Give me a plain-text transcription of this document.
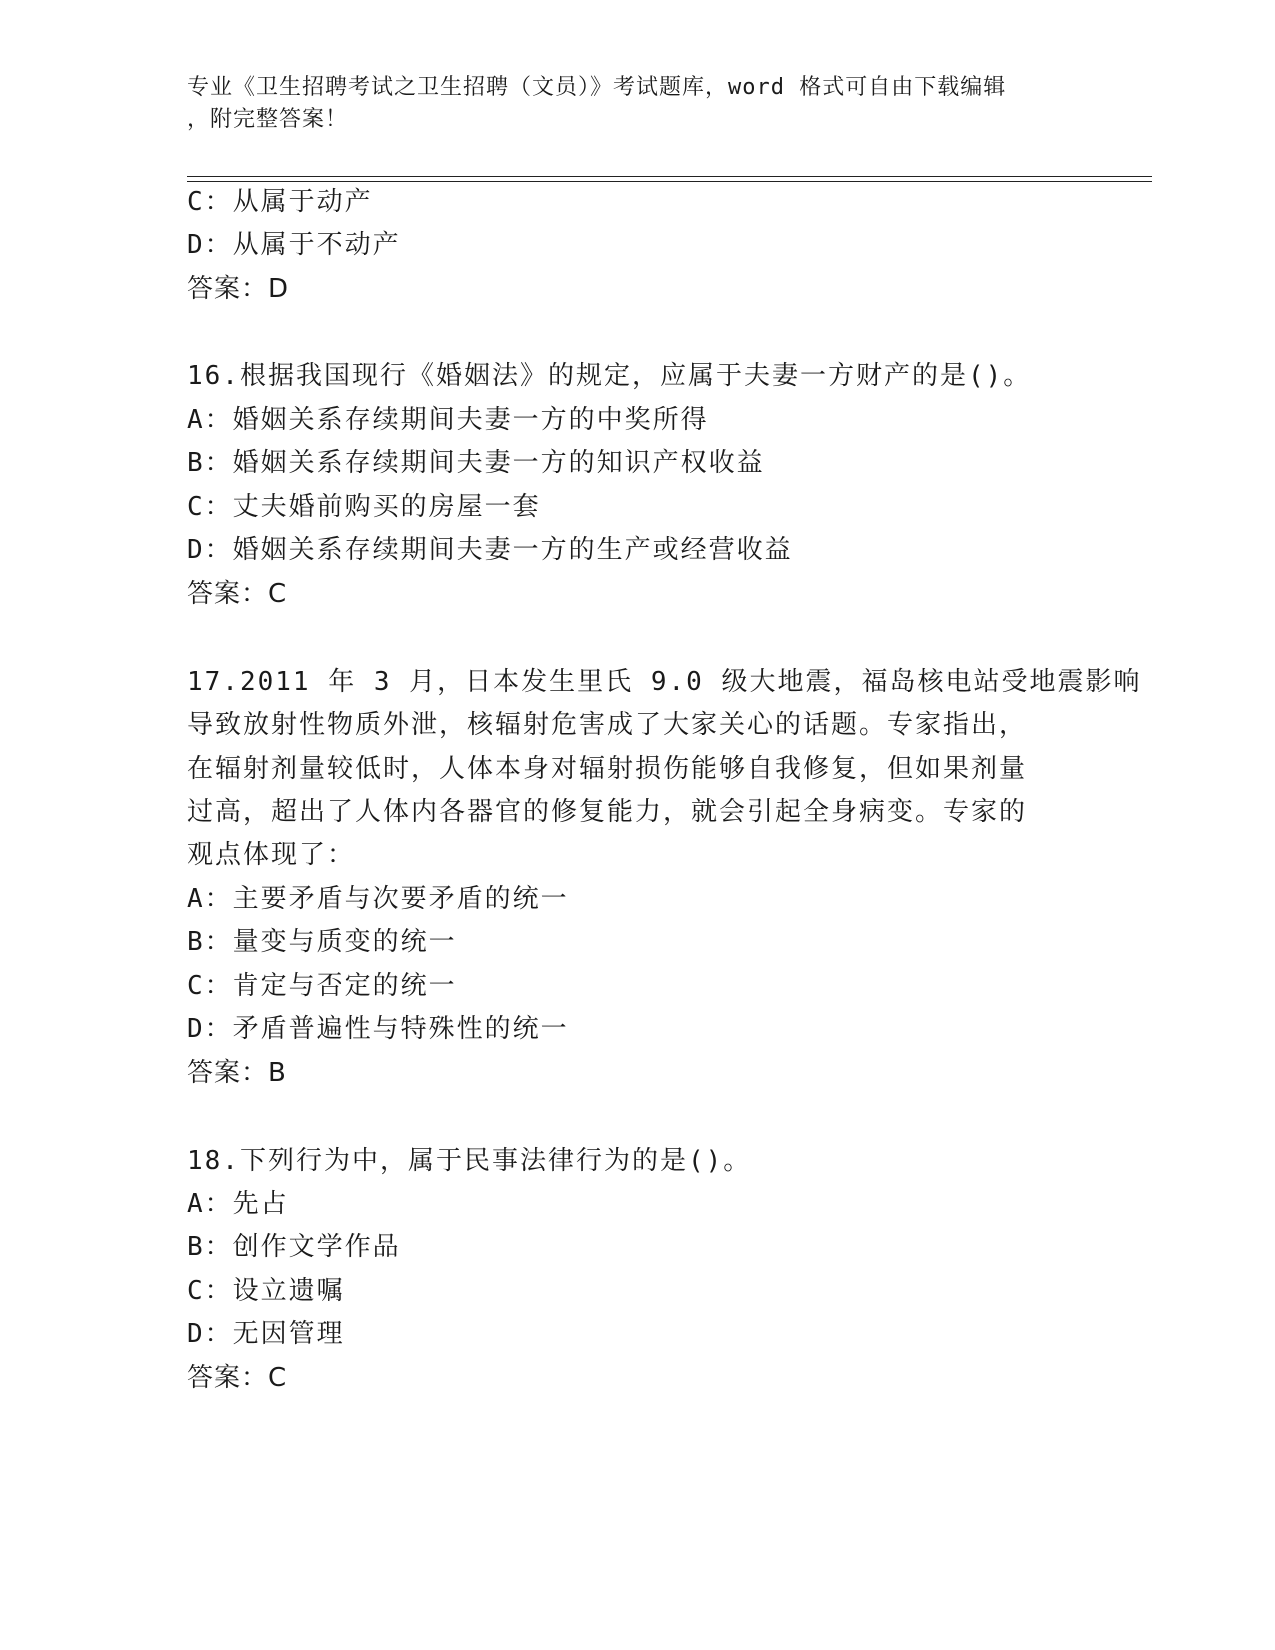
专业《卫生招聘考试之卫生招聘（文员）》考试题库，word 格式可自由下载编辑
，附完整答案！
C：从属于动产
D：从属于不动产
答案：D
16.根据我国现行《婚姻法》的规定，应属于夫妻一方财产的是()。
A：婚姻关系存续期间夫妻一方的中奖所得
B：婚姻关系存续期间夫妻一方的知识产权收益
C：丈夫婚前购买的房屋一套
D：婚姻关系存续期间夫妻一方的生产或经营收益
答案：C
17.2011 年 3 月，日本发生里氏 9.0 级大地震，福岛核电站受地震影响
导致放射性物质外泄，核辐射危害成了大家关心的话题。专家指出，
在辐射剂量较低时，人体本身对辐射损伤能够自我修复，但如果剂量
过高，超出了人体内各器官的修复能力，就会引起全身病变。专家的
观点体现了：
A：主要矛盾与次要矛盾的统一
B：量变与质变的统一
C：肯定与否定的统一
D：矛盾普遍性与特殊性的统一
答案：B
18.下列行为中，属于民事法律行为的是()。
A：先占
B：创作文学作品
C：设立遗嘱
D：无因管理
答案：C
